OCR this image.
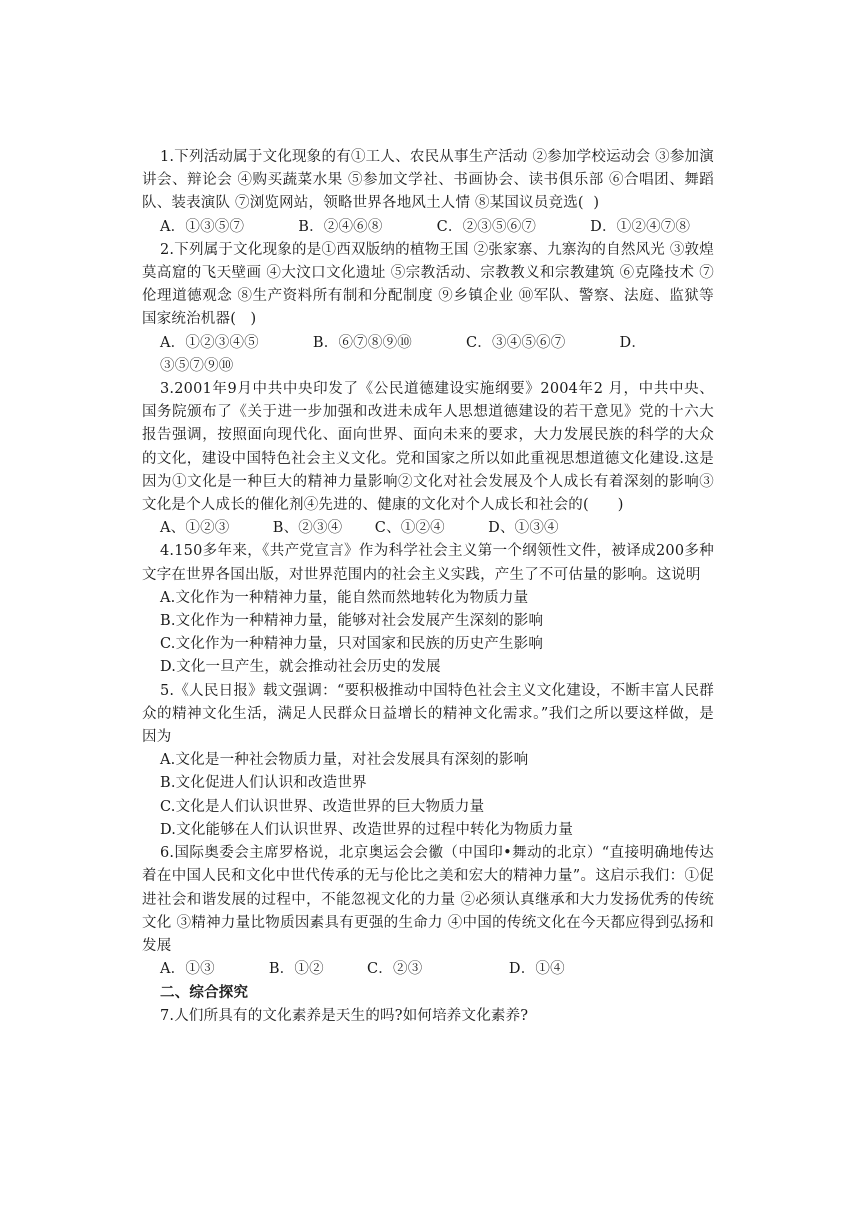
1.下列活动属于文化现象的有①工人、农民从事生产活动 ②参加学校运动会 ③参加演讲会、辩论会 ④购买蔬菜水果 ⑤参加文学社、书画协会、读书俱乐部 ⑥合唱团、舞蹈队、装表演队 ⑦浏览网站，领略世界各地风土人情 ⑧某国议员竞选(  )

A．①③⑤⑦     B．②④⑥⑧     C．②③⑤⑥⑦     D．①②④⑦⑧

2.下列属于文化现象的是①西双版纳的植物王国 ②张家寨、九寨沟的自然风光 ③敦煌莫高窟的飞天壁画 ④大汶口文化遗址 ⑤宗教活动、宗教教义和宗教建筑 ⑥克隆技术 ⑦伦理道德观念 ⑧生产资料所有制和分配制度 ⑨乡镇企业 ⑩军队、警察、法庭、监狱等国家统治机器(   )

A．①②③④⑤     B．⑥⑦⑧⑨⑩     C．③④⑤⑥⑦     D．③⑤⑦⑨⑩

3.2001年9月中共中央印发了《公民道德建设实施纲要》2004年2 月，中共中央、国务院颁布了《关于进一步加强和改进未成年人思想道德建设的若干意见》党的十六大报告强调，按照面向现代化、面向世界、面向未来的要求，大力发展民族的科学的大众的文化，建设中国特色社会主义文化。党和国家之所以如此重视思想道德文化建设.这是因为①文化是一种巨大的精神力量影响②文化对社会发展及个人成长有着深刻的影响③文化是个人成长的催化剂④先进的、健康的文化对个人成长和社会的(      )

A、①②③    B、②③④   C、①②④    D、①③④

4.150多年来，《共产党宣言》作为科学社会主义第一个纲领性文件，被译成200多种文字在世界各国出版，对世界范围内的社会主义实践，产生了不可估量的影响。这说明

A.文化作为一种精神力量，能自然而然地转化为物质力量

B.文化作为一种精神力量，能够对社会发展产生深刻的影响

C.文化作为一种精神力量，只对国家和民族的历史产生影响

D.文化一旦产生，就会推动社会历史的发展

5.《人民日报》载文强调：“要积极推动中国特色社会主义文化建设，不断丰富人民群众的精神文化生活，满足人民群众日益增长的精神文化需求。”我们之所以要这样做，是因为

A.文化是一种社会物质力量，对社会发展具有深刻的影响

B.文化促进人们认识和改造世界

C.文化是人们认识世界、改造世界的巨大物质力量

D.文化能够在人们认识世界、改造世界的过程中转化为物质力量

6.国际奥委会主席罗格说，北京奥运会会徽（中国印•舞动的北京）“直接明确地传达着在中国人民和文化中世代传承的无与伦比之美和宏大的精神力量”。这启示我们：①促进社会和谐发展的过程中，不能忽视文化的力量 ②必须认真继承和大力发扬优秀的传统文化 ③精神力量比物质因素具有更强的生命力 ④中国的传统文化在今天都应得到弘扬和发展

A．①③     B．①②    C．②③        D．①④

二、综合探究

7.人们所具有的文化素养是天生的吗?如何培养文化素养?
